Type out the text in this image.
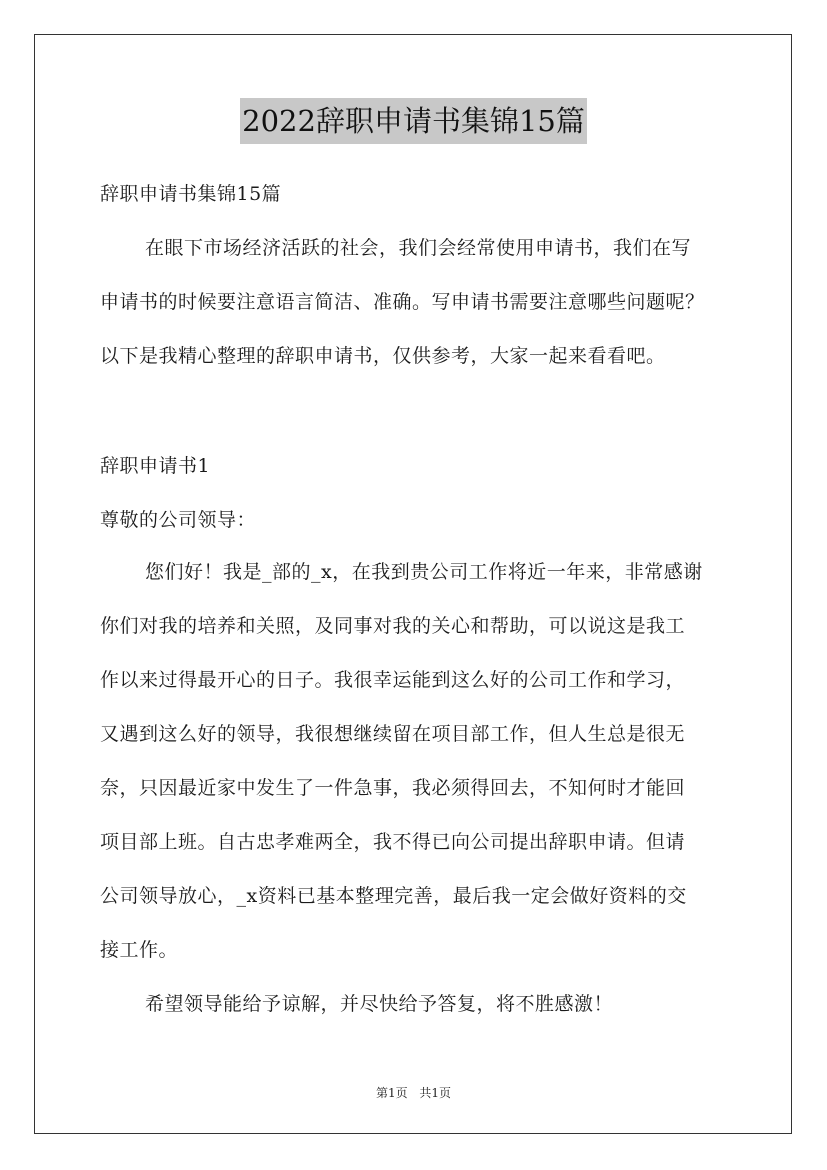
2022辞职申请书集锦15篇
辞职申请书集锦15篇
在眼下市场经济活跃的社会，我们会经常使用申请书，我们在写
申请书的时候要注意语言简洁、准确。写申请书需要注意哪些问题呢？
以下是我精心整理的辞职申请书，仅供参考，大家一起来看看吧。
辞职申请书1
尊敬的公司领导：
您们好！我是_部的_x，在我到贵公司工作将近一年来，非常感谢
你们对我的培养和关照，及同事对我的关心和帮助，可以说这是我工
作以来过得最开心的日子。我很幸运能到这么好的公司工作和学习，
又遇到这么好的领导，我很想继续留在项目部工作，但人生总是很无
奈，只因最近家中发生了一件急事，我必须得回去，不知何时才能回
项目部上班。自古忠孝难两全，我不得已向公司提出辞职申请。但请
公司领导放心，_x资料已基本整理完善，最后我一定会做好资料的交
接工作。
希望领导能给予谅解，并尽快给予答复，将不胜感激！
第1页 共1页
